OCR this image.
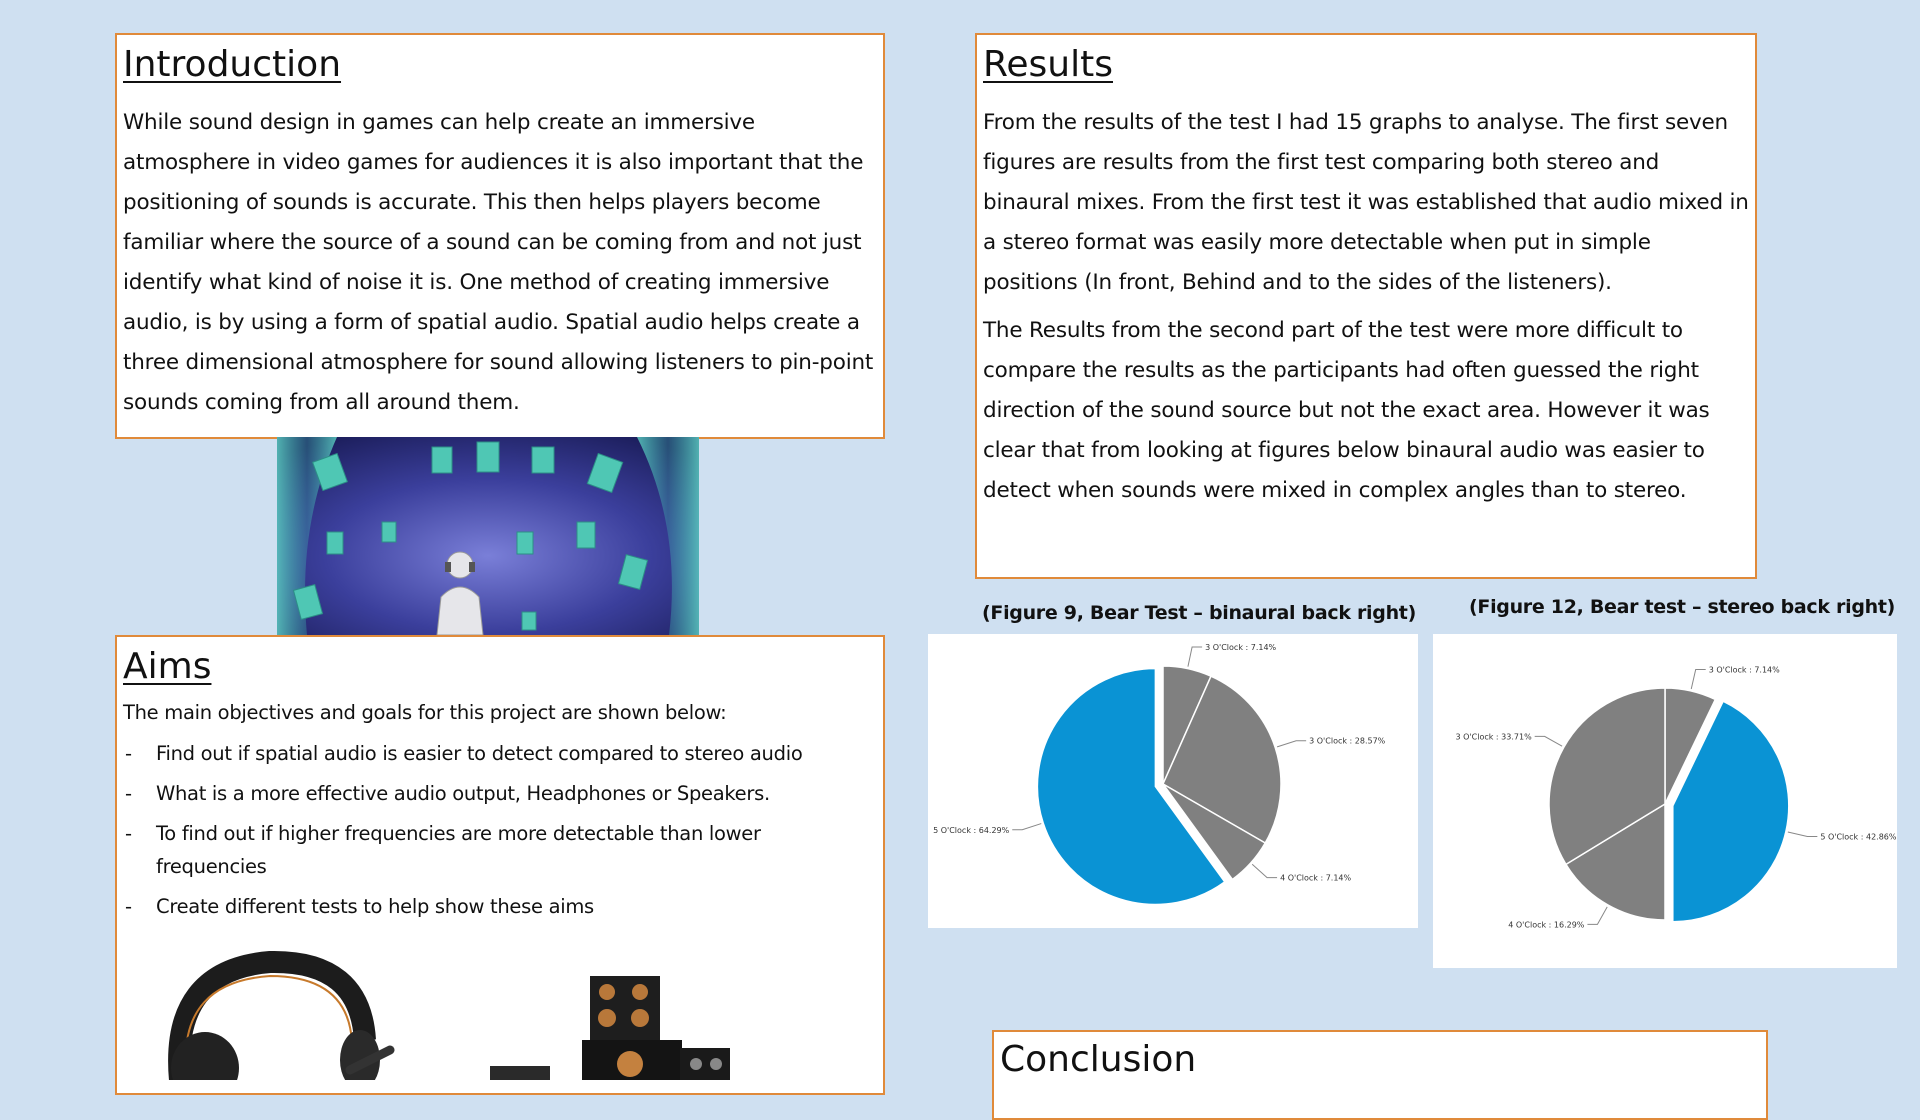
Introduction

While sound design in games can help create an immersive atmosphere in video games for audiences it is also important that the positioning of sounds is accurate. This then helps players become familiar where the source of a sound can be coming from and not just identify what kind of noise it is. One method of creating immersive audio, is by using a form of spatial audio. Spatial audio helps create a three dimensional atmosphere for sound allowing listeners to pin-point sounds coming from all around them.

Aims

The main objectives and goals for this project are shown below:

- Find out if spatial audio is easier to detect compared to stereo audio
- What is a more effective audio output, Headphones or Speakers.
- To find out if higher frequencies are more detectable than lower frequencies
- Create different tests to help show these aims
Results

From the results of the test I had 15 graphs to analyse. The first seven figures are results from the first test comparing both stereo and binaural mixes. From the first test it was established that audio mixed in a stereo format was easily more detectable when put in simple positions (In front, Behind and to the sides of the listeners).

The Results from the second part of the test were more difficult to compare the results as the participants had often guessed the right direction of the sound source but not the exact area. However it was clear that from looking at figures below binaural audio was easier to detect when sounds were mixed in complex angles than to stereo.

(Figure 9, Bear Test – binaural back right)
3 O'Clock : 7.14%
3 O'Clock : 28.57%
4 O'Clock : 7.14%
5 O'Clock : 64.29%
(Figure 12, Bear test – stereo back right)
3 O'Clock : 7.14%
5 O'Clock : 42.86%
4 O'Clock : 16.29%
3 O'Clock : 33.71%
Conclusion
